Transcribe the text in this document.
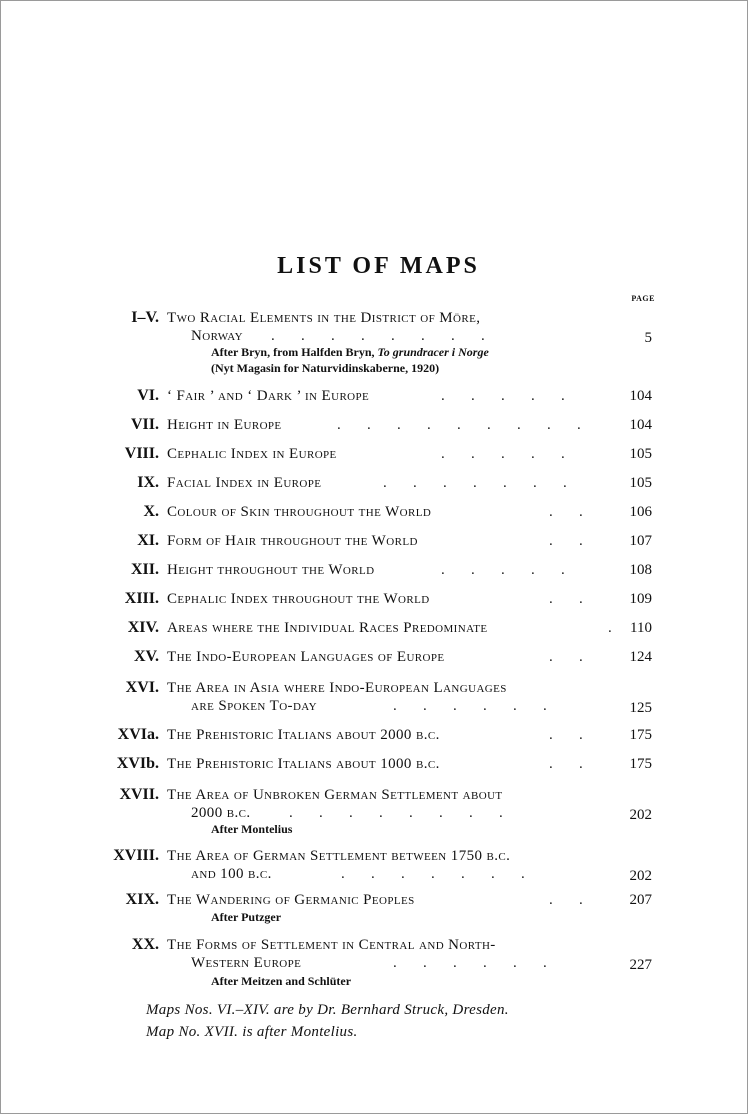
LIST OF MAPS
PAGE
I–V. Two Racial Elements in the District of Möre,
Norway .       .       .       .       .       .       .       .	5
After Bryn, from Halfden Bryn, To grundracer i Norge
(Nyt Magasin for Naturvidinskaberne, 1920)
VI. ‘ Fair ’ and ‘ Dark ’ in Europe	.       .       .       .       .	104
VII. Height in Europe	.       .       .       .       .       .       .       .       .	104
VIII. Cephalic Index in Europe	.       .       .       .       .	105
IX. Facial Index in Europe	.       .       .       .       .       .       .	105
X. Colour of Skin throughout the World	.       .	106
XI. Form of Hair throughout the World	.       .	107
XII. Height throughout the World	.       .       .       .       .	108
XIII. Cephalic Index throughout the World	.       .	109
XIV. Areas where the Individual Races Predominate	. 110
XV. The Indo-European Languages of Europe	.       .	124
XVI. The Area in Asia where Indo-European Languages
are Spoken To-day	.       .       .       .       .       .	125
XVIa. The Prehistoric Italians about 2000 b.c.	.       .	175
XVIb. The Prehistoric Italians about 1000 b.c.	.       .	175
XVII. The Area of Unbroken German Settlement about
2000 b.c.	.       .       .       .       .       .       .       .	202
After Montelius
XVIII. The Area of German Settlement between 1750 b.c.
and 100 b.c.	.       .       .       .       .       .       .	202
XIX. The Wandering of Germanic Peoples	.       .	207
After Putzger
XX. The Forms of Settlement in Central and North-
Western Europe	.       .       .       .       .       .	227
After Meitzen and Schlüter
Maps Nos. VI.–XIV. are by Dr. Bernhard Struck, Dresden.
Map No. XVII. is after Montelius.
